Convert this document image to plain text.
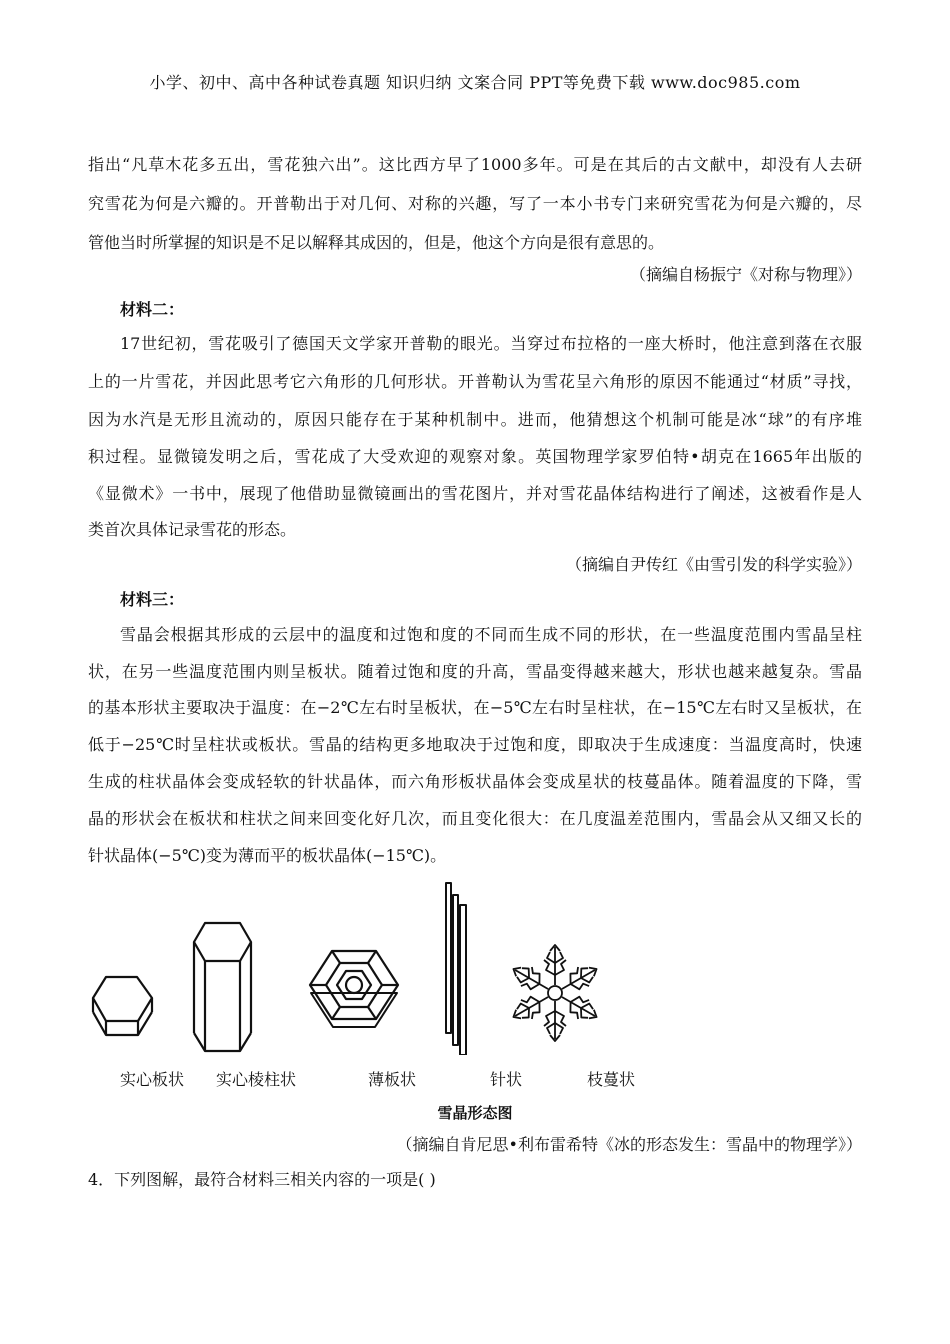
小学、初中、高中各种试卷真题 知识归纳 文案合同 PPT等免费下载 www.doc985.com
指出“凡草木花多五出，雪花独六出”。这比西方早了1000多年。可是在其后的古文献中，却没有人去研
究雪花为何是六瓣的。开普勒出于对几何、对称的兴趣，写了一本小书专门来研究雪花为何是六瓣的，尽
管他当时所掌握的知识是不足以解释其成因的，但是，他这个方向是很有意思的。
（摘编自杨振宁《对称与物理》）
材料二：
17世纪初，雪花吸引了德国天文学家开普勒的眼光。当穿过布拉格的一座大桥时，他注意到落在衣服
上的一片雪花，并因此思考它六角形的几何形状。开普勒认为雪花呈六角形的原因不能通过“材质”寻找，
因为水汽是无形且流动的，原因只能存在于某种机制中。进而，他猜想这个机制可能是冰“球”的有序堆
积过程。显微镜发明之后，雪花成了大受欢迎的观察对象。英国物理学家罗伯特•胡克在1665年出版的
《显微术》一书中，展现了他借助显微镜画出的雪花图片，并对雪花晶体结构进行了阐述，这被看作是人
类首次具体记录雪花的形态。
（摘编自尹传红《由雪引发的科学实验》）
材料三：
雪晶会根据其形成的云层中的温度和过饱和度的不同而生成不同的形状，在一些温度范围内雪晶呈柱
状，在另一些温度范围内则呈板状。随着过饱和度的升高，雪晶变得越来越大，形状也越来越复杂。雪晶
的基本形状主要取决于温度：在−2℃左右时呈板状，在−5℃左右时呈柱状，在−15℃左右时又呈板状，在
低于−25℃时呈柱状或板状。雪晶的结构更多地取决于过饱和度，即取决于生成速度：当温度高时，快速
生成的柱状晶体会变成轻软的针状晶体，而六角形板状晶体会变成星状的枝蔓晶体。随着温度的下降，雪
晶的形状会在板状和柱状之间来回变化好几次，而且变化很大：在几度温差范围内，雪晶会从又细又长的
针状晶体(−5℃)变为薄而平的板状晶体(−15℃)。
实心板状 实心棱柱状	薄板状	针状	枝蔓状
雪晶形态图
（摘编自肯尼思•利布雷希特《冰的形态发生：雪晶中的物理学》）
4．下列图解，最符合材料三相关内容的一项是( )
